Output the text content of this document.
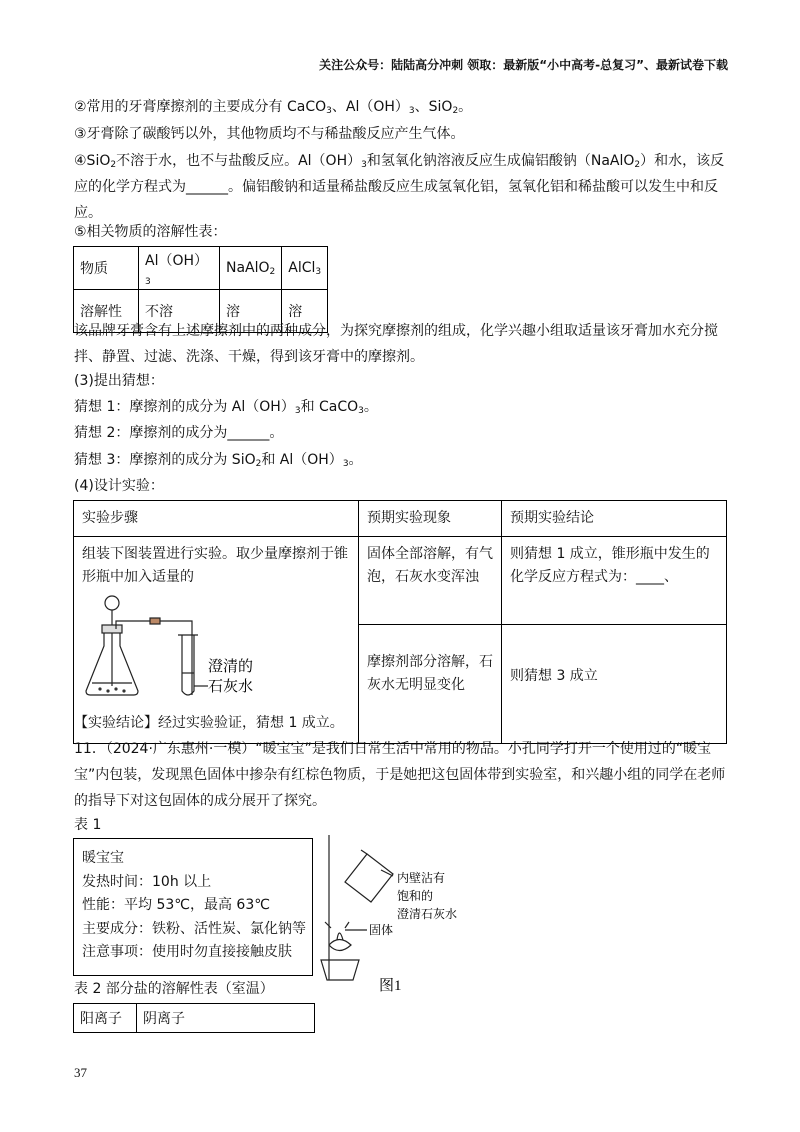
关注公众号：陆陆高分冲刺 领取：最新版“小中高考-总复习”、最新试卷下载
②常用的牙膏摩擦剂的主要成分有 CaCO$_3$、$Al(OH)_3$、SiO$_2$。
③牙膏除了碳酸钙以外，其他物质均不与稀盐酸反应产生气体。
④SiO$_2$不溶于水，也不与盐酸反应。$Al(OH)_3$和氢氧化钠溶液反应生成偏铝酸钠（NaAlO$_2$）和水，该反应的化学方程式为______。偏铝酸钠和适量稀盐酸反应生成氢氧化铝，氢氧化铝和稀盐酸可以发生中和反应。
⑤相关物质的溶解性表：
物质	$Al(OH)_3$	NaAlO$_2$	AlCl$_3$
溶解性	不溶	溶	溶
该品牌牙膏含有上述摩擦剂中的两种成分，为探究摩擦剂的组成，化学兴趣小组取适量该牙膏加水充分搅拌、静置、过滤、洗涤、干燥，得到该牙膏中的摩擦剂。
(3)提出猜想：
猜想 1：摩擦剂的成分为 $Al(OH)_3$和 CaCO$_3$。
猜想 2：摩擦剂的成分为______。
猜想 3：摩擦剂的成分为 SiO$_2$和 $Al(OH)_3$。
(4)设计实验：
实验步骤	预期实验现象	预期实验结论

组装下图装置进行实验。取少量摩擦剂于锥形瓶中加入适量的
澄清的
石灰水	固体全部溶解，有气泡，石灰水变浑浊	则猜想 1 成立，锥形瓶中发生的化学反应方程式为：____、
	摩擦剂部分溶解，石灰水无明显变化	则猜想 3 成立
【实验结论】经过实验验证，猜想 1 成立。
11．（2024·广东惠州·一模）“暖宝宝”是我们日常生活中常用的物品。小孔同学打开一个使用过的“暖宝宝”内包装，发现黑色固体中掺杂有红棕色物质，于是她把这包固体带到实验室，和兴趣小组的同学在老师的指导下对这包固体的成分展开了探究。
表 1
暖宝宝
发热时间：10h 以上
性能：平均 53℃，最高 63℃
主要成分：铁粉、活性炭、氯化钠等
注意事项：使用时勿直接接触皮肤
内壁沾有
饱和的
澄清石灰水
固体
图1
表 2 部分盐的溶解性表（室温）
阳离子	阴离子
37
